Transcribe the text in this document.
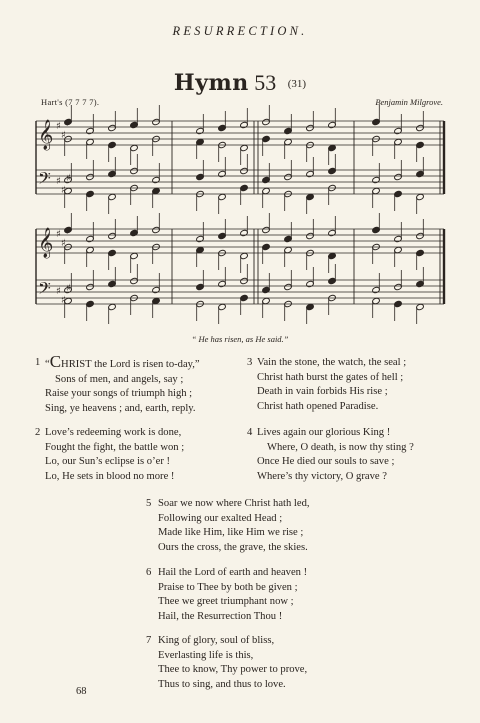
RESURRECTION.
Hymn 53 (31)
Hart's (7 7 7 7).	Benjamin Milgrove.
𝄞 ♯
♯
𝄢 ♯
♯
♯
𝄞 ♯
♯
𝄢 ♯
♯
♯
“ He has risen, as He said.”
1 “CHRIST the Lord is risen to-day,”
Sons of men, and angels, say ;
Raise your songs of triumph high ;
Sing, ye heavens ; and, earth, reply.
2 Love’s redeeming work is done,
Fought the fight, the battle won ;
Lo, our Sun’s eclipse is o’er !
Lo, He sets in blood no more !
3 Vain the stone, the watch, the seal ;
Christ hath burst the gates of hell ;
Death in vain forbids His rise ;
Christ hath opened Paradise.
4 Lives again our glorious King !
Where, O death, is now thy sting ?
Once He died our souls to save ;
Where’s thy victory, O grave ?
5 Soar we now where Christ hath led,
Following our exalted Head ;
Made like Him, like Him we rise ;
Ours the cross, the grave, the skies.
6 Hail the Lord of earth and heaven !
Praise to Thee by both be given ;
Thee we greet triumphant now ;
Hail, the Resurrection Thou !
7 King of glory, soul of bliss,
Everlasting life is this,
Thee to know, Thy power to prove,
Thus to sing, and thus to love.
68
